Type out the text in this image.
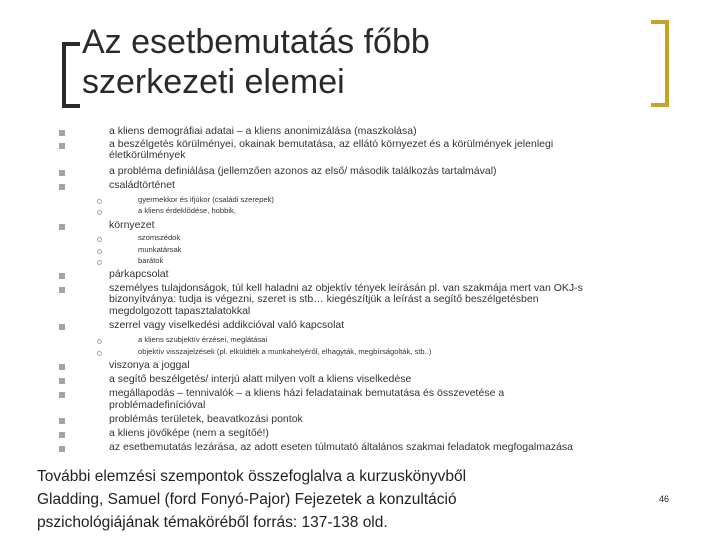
Az esetbemutatás főbb
szerkezeti elemei
a kliens demográfiai adatai – a kliens anonimizálása (maszkolása)
a beszélgetés körülményei, okainak bemutatása, az ellátó környezet és a körülmények jelenlegi
életkörülmények
a probléma definiálása (jellemzően azonos az első/ második találkozás tartalmával)
családtörténet
gyermekkor és ifjúkor (családi szerepek)
a kliens érdeklődése, hobbik,
környezet
szomszédok
munkatársak
barátok
párkapcsolat
személyes tulajdonságok, túl kell haladni az objektív tények leírásán pl. van szakmája mert van OKJ-s
bizonyítványa: tudja is végezni, szeret is stb… kiegészítjük a leírást a segítő beszélgetésben
megdolgozott tapasztalatokkal
szerrel vagy viselkedési addikcióval való kapcsolat
a kliens szubjektív érzései, meglátásai
objektív visszajelzések (pl. elküldték a munkahelyéről, elhagyták, megbírságolták, stb..)
viszonya a joggal
a segítő beszélgetés/ interjú alatt milyen volt a kliens viselkedése
megállapodás – tennivalók – a kliens házi feladatainak bemutatása és összevetése a
problémadefinícióval
problémás területek, beavatkozási pontok
a kliens jövőképe (nem a segítőé!)
az esetbemutatás lezárása, az adott eseten túlmutató általános szakmai feladatok megfogalmazása
További elemzési szempontok összefoglalva a kurzuskönyvből
Gladding, Samuel (ford Fonyó-Pajor) Fejezetek a konzultáció
pszichológiájának témaköréből forrás: 137-138 old.
46
